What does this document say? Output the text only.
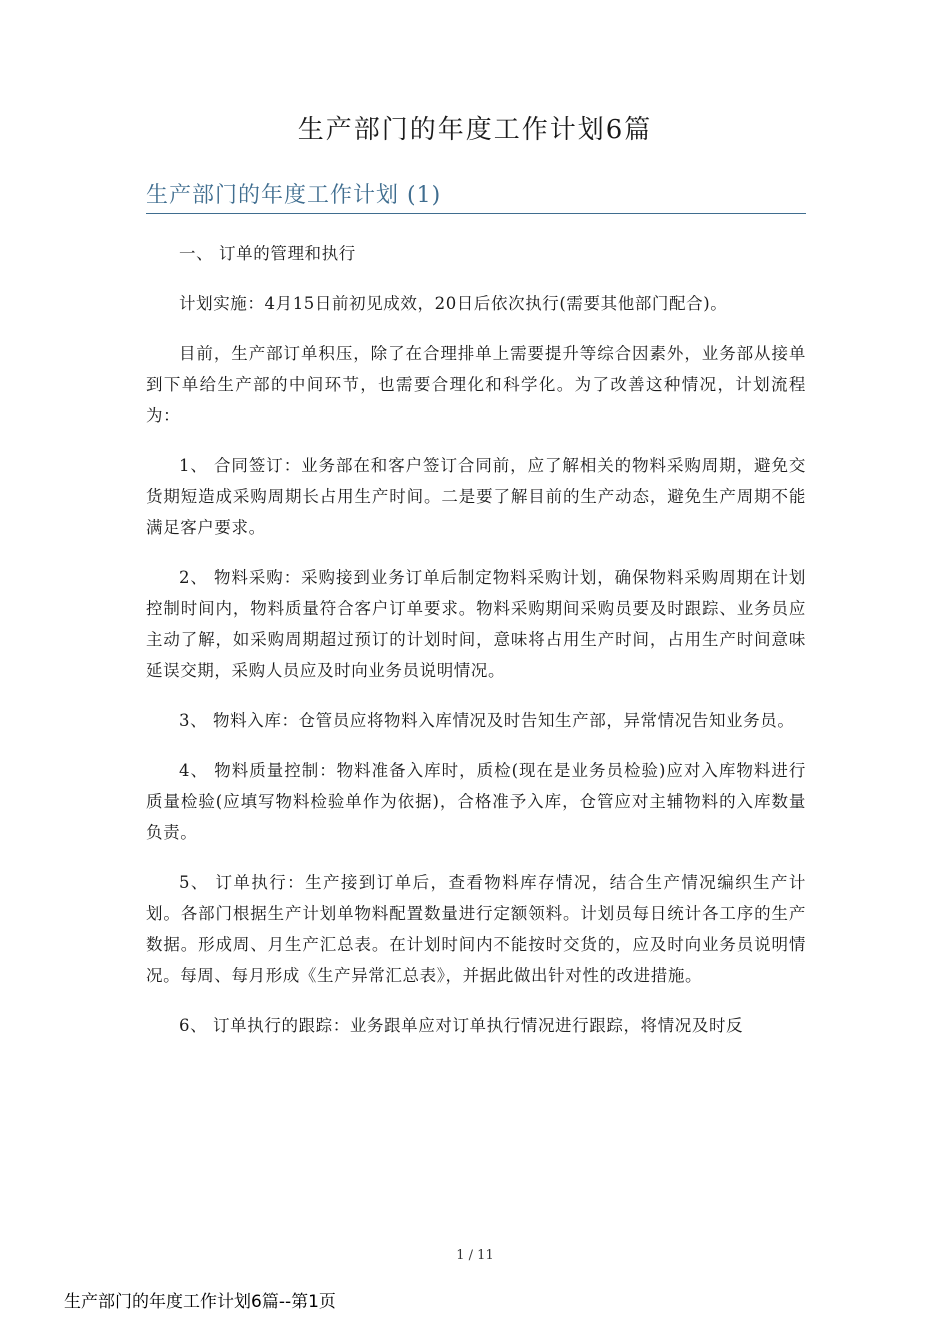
生产部门的年度工作计划6篇
生产部门的年度工作计划 (1)

一、 订单的管理和执行

计划实施：4月15日前初见成效，20日后依次执行(需要其他部门配合)。

目前，生产部订单积压，除了在合理排单上需要提升等综合因素外，业务部从接单到下单给生产部的中间环节，也需要合理化和科学化。为了改善这种情况，计划流程为：

1、 合同签订：业务部在和客户签订合同前，应了解相关的物料采购周期，避免交货期短造成采购周期长占用生产时间。二是要了解目前的生产动态，避免生产周期不能满足客户要求。

2、 物料采购：采购接到业务订单后制定物料采购计划，确保物料采购周期在计划控制时间内，物料质量符合客户订单要求。物料采购期间采购员要及时跟踪、业务员应主动了解，如采购周期超过预订的计划时间，意味将占用生产时间，占用生产时间意味延误交期，采购人员应及时向业务员说明情况。

3、 物料入库：仓管员应将物料入库情况及时告知生产部，异常情况告知业务员。

4、 物料质量控制：物料准备入库时，质检(现在是业务员检验)应对入库物料进行质量检验(应填写物料检验单作为依据)，合格准予入库，仓管应对主辅物料的入库数量负责。

5、 订单执行：生产接到订单后，查看物料库存情况，结合生产情况编织生产计划。各部门根据生产计划单物料配置数量进行定额领料。计划员每日统计各工序的生产数据。形成周、月生产汇总表。在计划时间内不能按时交货的，应及时向业务员说明情况。每周、每月形成《生产异常汇总表》，并据此做出针对性的改进措施。

6、 订单执行的跟踪：业务跟单应对订单执行情况进行跟踪，将情况及时反

1 / 11
生产部门的年度工作计划6篇--第1页
